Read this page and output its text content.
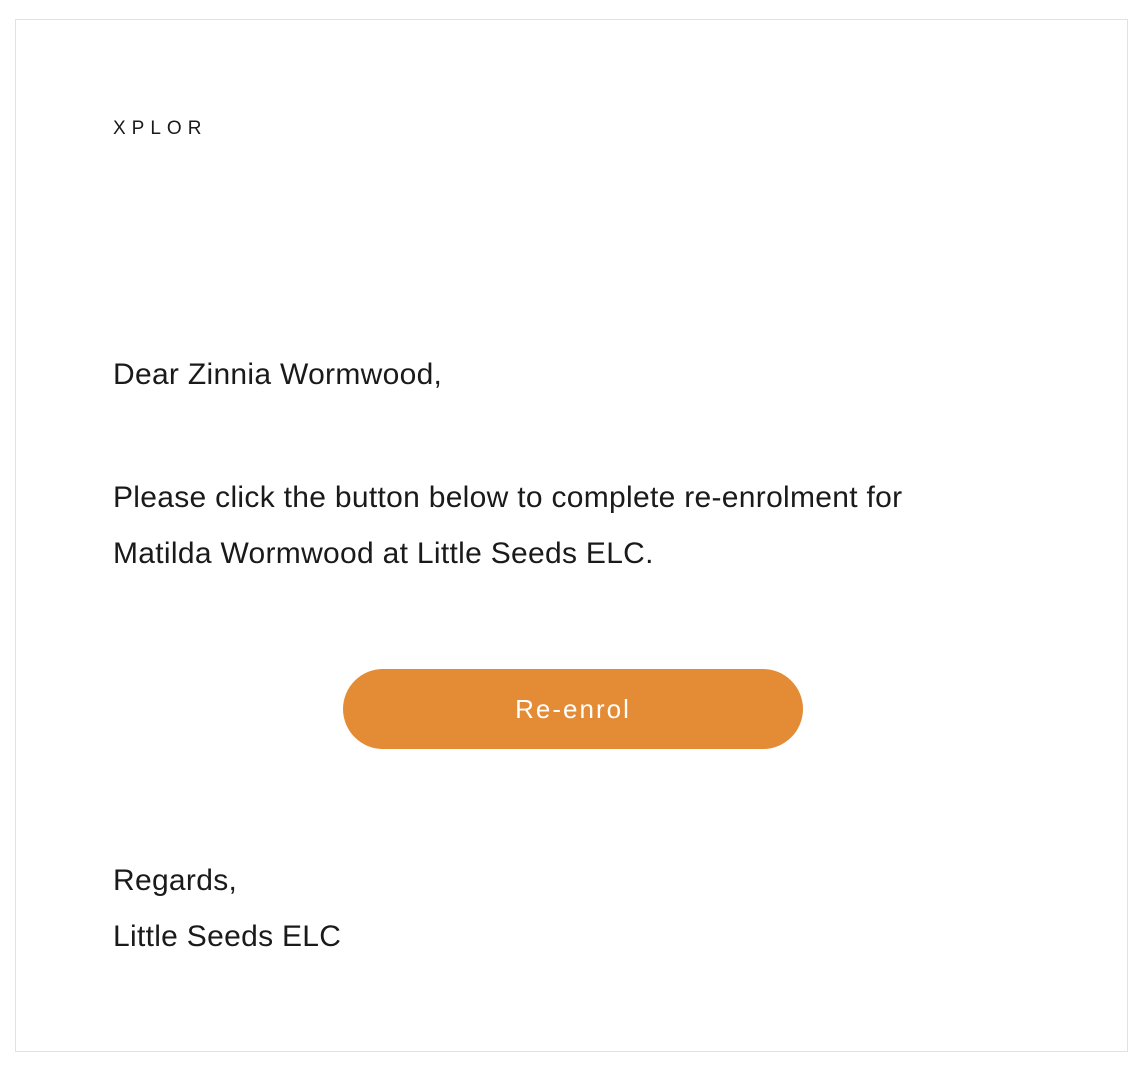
XPLOR
Dear Zinnia Wormwood,

Please click the button below to complete re-enrolment for
Matilda Wormwood at Little Seeds ELC.

Re-enrol
Regards,
Little Seeds ELC
